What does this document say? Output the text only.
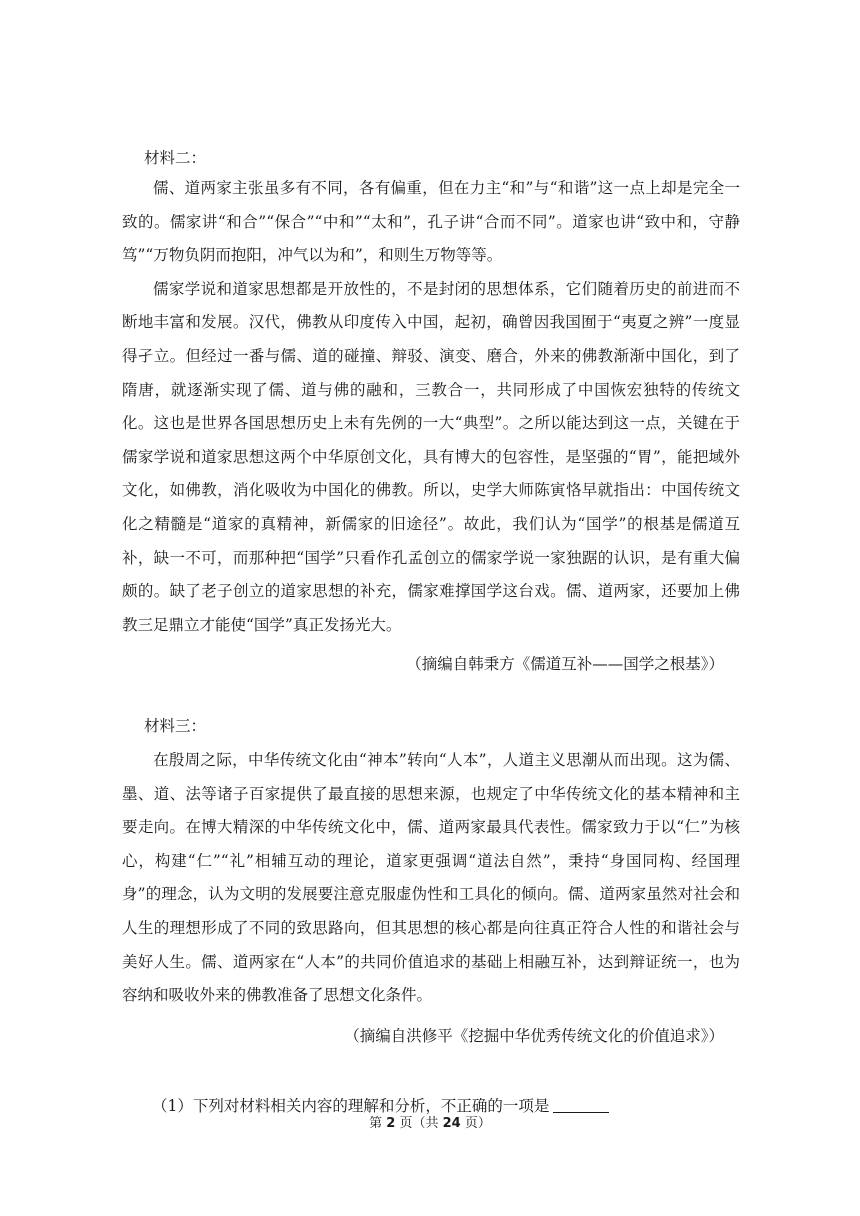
材料二：

儒、道两家主张虽多有不同，各有偏重，但在力主“和”与“和谐”这一点上却是完全一致的。儒家讲“和合”“保合”“中和”“太和”，孔子讲“合而不同”。道家也讲“致中和，守静笃”“万物负阴而抱阳，冲气以为和”，和则生万物等等。

儒家学说和道家思想都是开放性的，不是封闭的思想体系，它们随着历史的前进而不断地丰富和发展。汉代，佛教从印度传入中国，起初，确曾因我国囿于“夷夏之辨”一度显得孑立。但经过一番与儒、道的碰撞、辩驳、演变、磨合，外来的佛教渐渐中国化，到了隋唐，就逐渐实现了儒、道与佛的融和，三教合一，共同形成了中国恢宏独特的传统文化。这也是世界各国思想历史上未有先例的一大“典型”。之所以能达到这一点，关键在于儒家学说和道家思想这两个中华原创文化，具有博大的包容性，是坚强的“胃”，能把域外文化，如佛教，消化吸收为中国化的佛教。所以，史学大师陈寅恪早就指出：中国传统文化之精髓是“道家的真精神，新儒家的旧途径”。故此，我们认为“国学”的根基是儒道互补，缺一不可，而那种把“国学”只看作孔孟创立的儒家学说一家独踞的认识，是有重大偏颇的。缺了老子创立的道家思想的补充，儒家难撑国学这台戏。儒、道两家，还要加上佛教三足鼎立才能使“国学”真正发扬光大。

（摘编自韩秉方《儒道互补——国学之根基》）
材料三：

在殷周之际，中华传统文化由“神本”转向“人本”，人道主义思潮从而出现。这为儒、墨、道、法等诸子百家提供了最直接的思想来源，也规定了中华传统文化的基本精神和主要走向。在博大精深的中华传统文化中，儒、道两家最具代表性。儒家致力于以“仁”为核心，构建“仁”“礼”相辅互动的理论，道家更强调“道法自然”，秉持“身国同构、经国理身”的理念，认为文明的发展要注意克服虚伪性和工具化的倾向。儒、道两家虽然对社会和人生的理想形成了不同的致思路向，但其思想的核心都是向往真正符合人性的和谐社会与美好人生。儒、道两家在“人本”的共同价值追求的基础上相融互补，达到辩证统一，也为容纳和吸收外来的佛教准备了思想文化条件。

（摘编自洪修平《挖掘中华优秀传统文化的价值追求》）
（1）下列对材料相关内容的理解和分析，不正确的一项是
第 2 页（共 24 页）
